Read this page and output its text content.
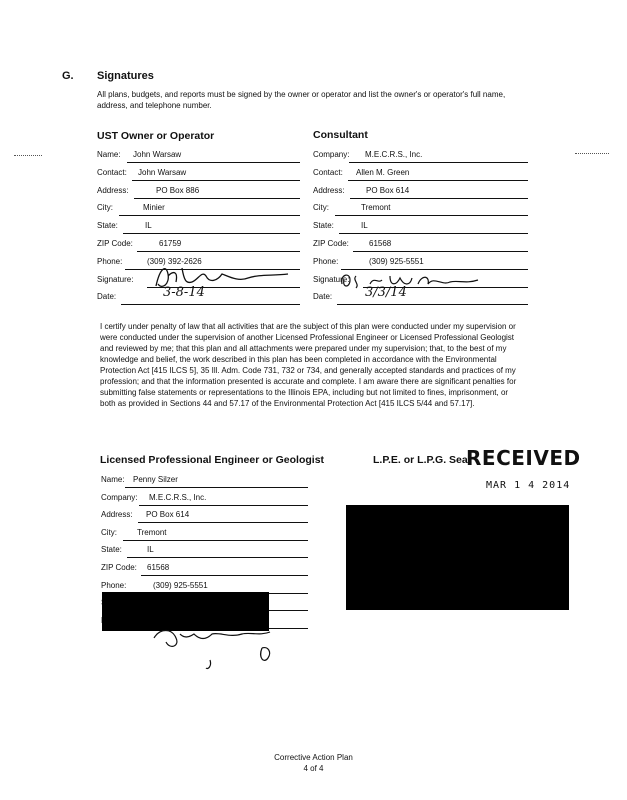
G. Signatures
All plans, budgets, and reports must be signed by the owner or operator and list the owner's or operator's full name, address, and telephone number.
UST Owner or Operator
Name: John Warsaw
Contact: John Warsaw
Address:	PO Box 886
City:	Minier
State:	IL
ZIP Code:	61759
Phone:	(309) 392-2626
Signature:
Date:	3-8-14
Consultant
Company: M.E.C.R.S., Inc.
Contact: Allen M. Green
Address:	PO Box 614
City:	Tremont
State:	IL
ZIP Code:	61568
Phone:	(309) 925-5551
Signature:
Date:	3/3/14
I certify under penalty of law that all activities that are the subject of this plan were conducted under my supervision or were conducted under the supervision of another Licensed Professional Engineer or Licensed Professional Geologist and reviewed by me; that this plan and all attachments were prepared under my supervision; that, to the best of my knowledge and belief, the work described in this plan has been completed in accordance with the Environmental Protection Act [415 ILCS 5], 35 Ill. Adm. Code 731, 732 or 734, and generally accepted standards and practices of my profession; and that the information presented is accurate and complete. I am aware there are significant penalties for submitting false statements or representations to the Illinois EPA, including but not limited to fines, imprisonment, or both as provided in Sections 44 and 57.17 of the Environmental Protection Act [415 ILCS 5/44 and 57.17].
Licensed Professional Engineer or Geologist	L.P.E. or L.P.G. Seal
RECEIVED
MAR 1 4 2014
Name: Penny Silzer
Company: M.E.C.R.S., Inc.
Address: PO Box 614
City:	Tremont
State:	IL
ZIP Code: 61568
Phone:	(309) 925-5551
Corrective Action Plan
4 of 4
